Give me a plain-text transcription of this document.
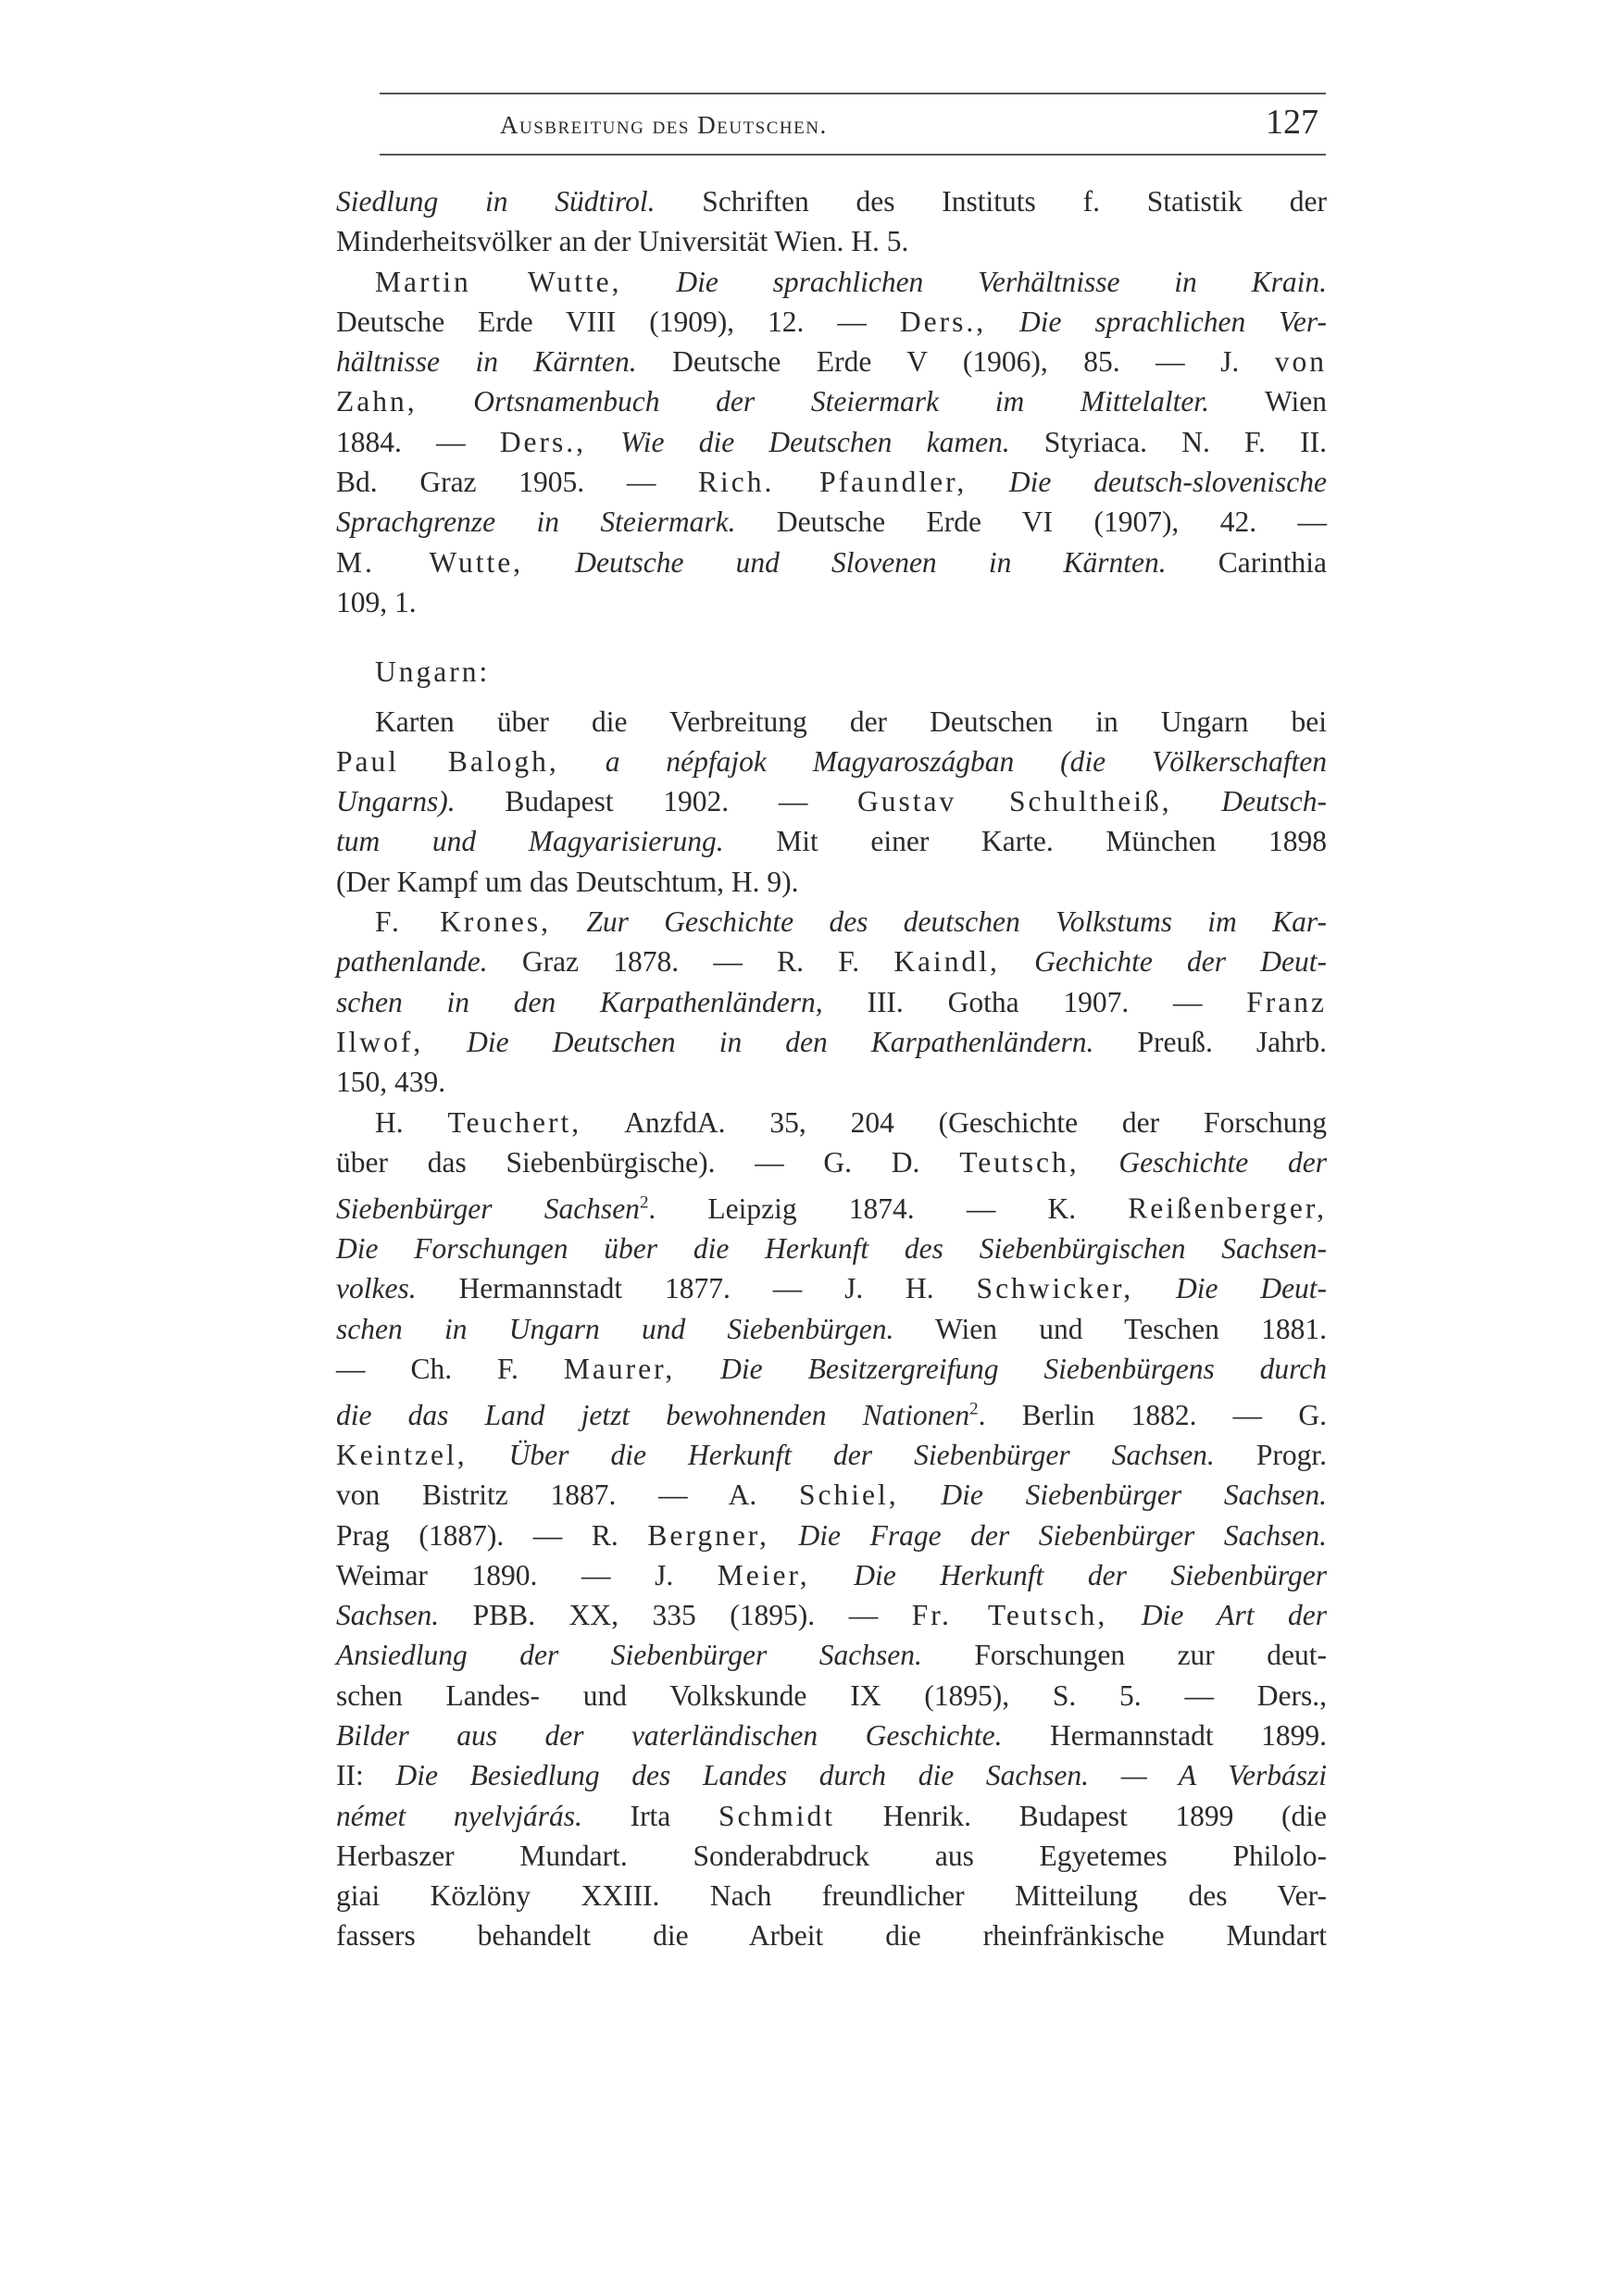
Ausbreitung des Deutschen.	127
Siedlung in Südtirol. Schriften des Instituts f. Statistik der
Minderheitsvölker an der Universität Wien. H. 5.
Martin Wutte, Die sprachlichen Verhältnisse in Krain.
Deutsche Erde VIII (1909), 12. — Ders., Die sprachlichen Ver-
hältnisse in Kärnten. Deutsche Erde V (1906), 85. — J. von
Zahn, Ortsnamenbuch der Steiermark im Mittelalter. Wien
1884. — Ders., Wie die Deutschen kamen. Styriaca. N. F. II.
Bd. Graz 1905. — Rich. Pfaundler, Die deutsch-slovenische
Sprachgrenze in Steiermark. Deutsche Erde VI (1907), 42. —
M. Wutte, Deutsche und Slovenen in Kärnten. Carinthia
109, 1.
Ungarn:
Karten über die Verbreitung der Deutschen in Ungarn bei
Paul Balogh, a népfajok Magyaroszágban (die Völkerschaften
Ungarns). Budapest 1902. — Gustav Schultheiß, Deutsch-
tum und Magyarisierung. Mit einer Karte. München 1898
(Der Kampf um das Deutschtum, H. 9).
F. Krones, Zur Geschichte des deutschen Volkstums im Kar-
pathenlande. Graz 1878. — R. F. Kaindl, Gechichte der Deut-
schen in den Karpathenländern, III. Gotha 1907. — Franz
Ilwof, Die Deutschen in den Karpathenländern. Preuß. Jahrb.
150, 439.
H. Teuchert, AnzfdA. 35, 204 (Geschichte der Forschung
über das Siebenbürgische). — G. D. Teutsch, Geschichte der
Siebenbürger Sachsen$^2$. Leipzig 1874. — K. Reißenberger,
Die Forschungen über die Herkunft des Siebenbürgischen Sachsen-
volkes. Hermannstadt 1877. — J. H. Schwicker, Die Deut-
schen in Ungarn und Siebenbürgen. Wien und Teschen 1881.
— Ch. F. Maurer, Die Besitzergreifung Siebenbürgens durch
die das Land jetzt bewohnenden Nationen$^2$. Berlin 1882. — G.
Keintzel, Über die Herkunft der Siebenbürger Sachsen. Progr.
von Bistritz 1887. — A. Schiel, Die Siebenbürger Sachsen.
Prag (1887). — R. Bergner, Die Frage der Siebenbürger Sachsen.
Weimar 1890. — J. Meier, Die Herkunft der Siebenbürger
Sachsen. PBB. XX, 335 (1895). — Fr. Teutsch, Die Art der
Ansiedlung der Siebenbürger Sachsen. Forschungen zur deut-
schen Landes- und Volkskunde IX (1895), S. 5. — Ders.,
Bilder aus der vaterländischen Geschichte. Hermannstadt 1899.
II: Die Besiedlung des Landes durch die Sachsen. — A Verbászi
német nyelvjárás. Irta Schmidt Henrik. Budapest 1899 (die
Herbaszer Mundart. Sonderabdruck aus Egyetemes Philolo-
giai Közlöny XXIII. Nach freundlicher Mitteilung des Ver-
fassers behandelt die Arbeit die rheinfränkische Mundart
